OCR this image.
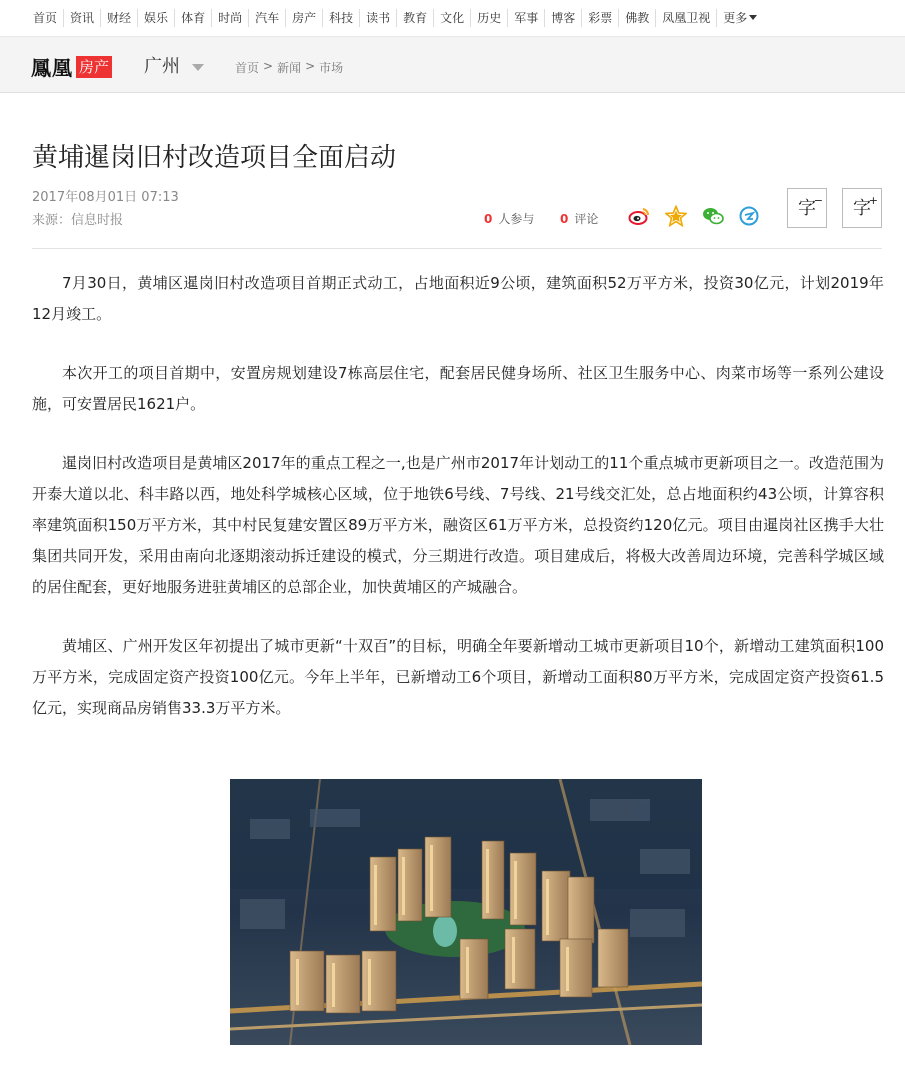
首页	资讯	财经	娱乐	体育	时尚	汽车	房产	科技	读书	教育	文化	历史	军事	博客	彩票	佛教	凤凰卫视	更多
鳳凰 房产 广州	首页 > 新闻 > 市场
黄埔暹岗旧村改造项目全面启动
2017年08月01日 07:13
来源：信息时报	0 人参与 0 评论	字
−	字
+

7月30日，黄埔区暹岗旧村改造项目首期正式动工，占地面积近9公顷，建筑面积52万平方米，投资30亿元，计划2019年12月竣工。

本次开工的项目首期中，安置房规划建设7栋高层住宅，配套居民健身场所、社区卫生服务中心、肉菜市场等一系列公建设施，可安置居民1621户。

暹岗旧村改造项目是黄埔区2017年的重点工程之一,也是广州市2017年计划动工的11个重点城市更新项目之一。改造范围为开泰大道以北、科丰路以西，地处科学城核心区域，位于地铁6号线、7号线、21号线交汇处，总占地面积约43公顷，计算容积率建筑面积150万平方米，其中村民复建安置区89万平方米，融资区61万平方米，总投资约120亿元。项目由暹岗社区携手大壮集团共同开发，采用由南向北逐期滚动拆迁建设的模式，分三期进行改造。项目建成后，将极大改善周边环境，完善科学城区域的居住配套，更好地服务进驻黄埔区的总部企业，加快黄埔区的产城融合。

黄埔区、广州开发区年初提出了城市更新“十双百”的目标，明确全年要新增动工城市更新项目10个，新增动工建筑面积100万平方米，完成固定资产投资100亿元。今年上半年，已新增动工6个项目，新增动工面积80万平方米，完成固定资产投资61.5亿元，实现商品房销售33.3万平方米。
